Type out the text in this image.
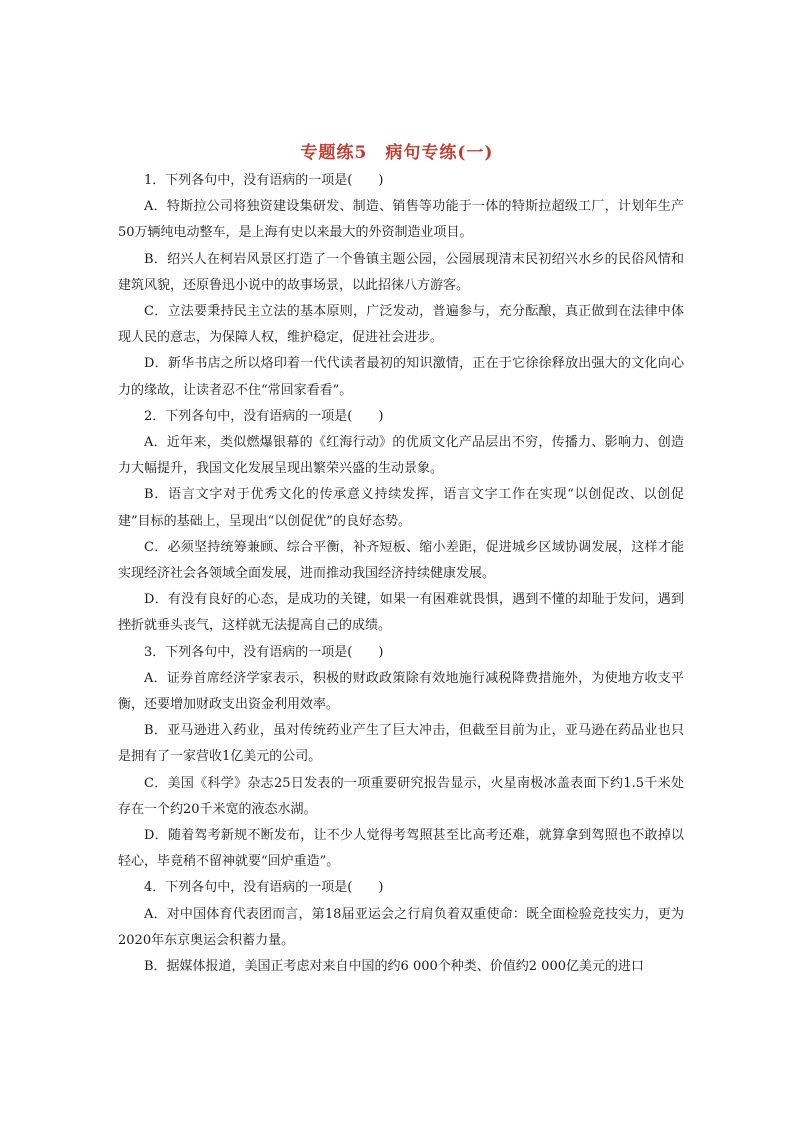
专题练5　病句专练(一)

1．下列各句中，没有语病的一项是(　　)

A．特斯拉公司将独资建设集研发、制造、销售等功能于一体的特斯拉超级工厂，计划年生产50万辆纯电动整车，是上海有史以来最大的外资制造业项目。

B．绍兴人在柯岩风景区打造了一个鲁镇主题公园，公园展现清末民初绍兴水乡的民俗风情和建筑风貌，还原鲁迅小说中的故事场景，以此招徕八方游客。

C．立法要秉持民主立法的基本原则，广泛发动，普遍参与，充分酝酿，真正做到在法律中体现人民的意志，为保障人权，维护稳定，促进社会进步。

D．新华书店之所以烙印着一代代读者最初的知识激情，正在于它徐徐释放出强大的文化向心力的缘故，让读者忍不住“常回家看看”。

2．下列各句中，没有语病的一项是(　　)

A．近年来，类似燃爆银幕的《红海行动》的优质文化产品层出不穷，传播力、影响力、创造力大幅提升，我国文化发展呈现出繁荣兴盛的生动景象。

B．语言文字对于优秀文化的传承意义持续发挥，语言文字工作在实现“以创促改、以创促建”目标的基础上，呈现出“以创促优”的良好态势。

C．必须坚持统筹兼顾、综合平衡，补齐短板、缩小差距，促进城乡区域协调发展，这样才能实现经济社会各领域全面发展，进而推动我国经济持续健康发展。

D．有没有良好的心态，是成功的关键，如果一有困难就畏惧，遇到不懂的却耻于发问，遇到挫折就垂头丧气，这样就无法提高自己的成绩。

3．下列各句中，没有语病的一项是(　　)

A．证券首席经济学家表示，积极的财政政策除有效地施行减税降费措施外，为使地方收支平衡，还要增加财政支出资金利用效率。

B．亚马逊进入药业，虽对传统药业产生了巨大冲击，但截至目前为止，亚马逊在药品业也只是拥有了一家营收1亿美元的公司。

C．美国《科学》杂志25日发表的一项重要研究报告显示，火星南极冰盖表面下约1.5千米处存在一个约20千米宽的液态水湖。

D．随着驾考新规不断发布，让不少人觉得考驾照甚至比高考还难，就算拿到驾照也不敢掉以轻心，毕竟稍不留神就要“回炉重造”。

4．下列各句中，没有语病的一项是(　　)

A．对中国体育代表团而言，第18届亚运会之行肩负着双重使命：既全面检验竞技实力，更为2020年东京奥运会积蓄力量。

B．据媒体报道，美国正考虑对来自中国的约6 000个种类、价值约2 000亿美元的进口
